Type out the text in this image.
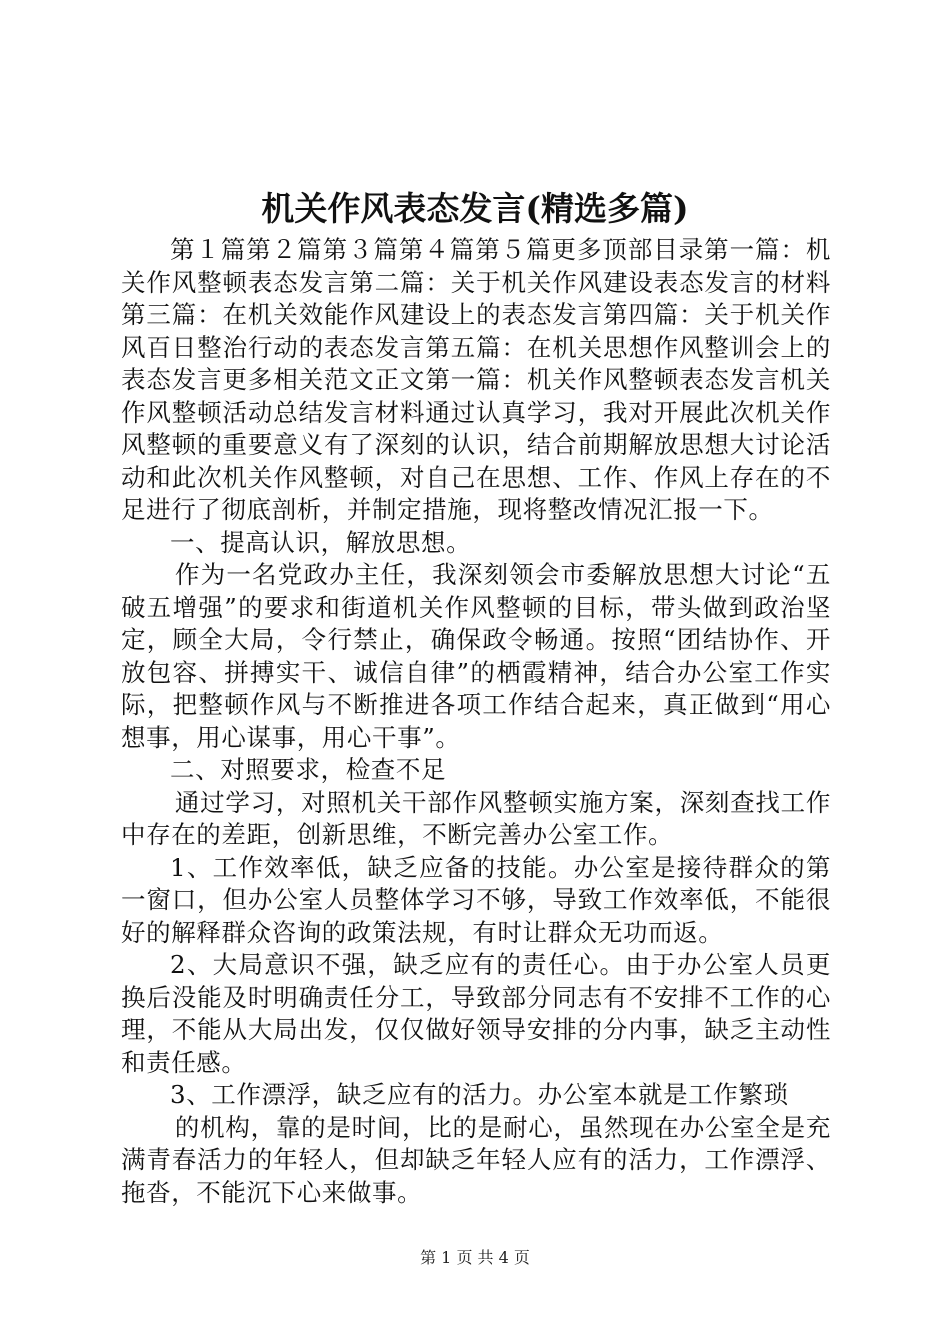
机关作风表态发言(精选多篇)

第１篇第２篇第３篇第４篇第５篇更多顶部目录第一篇：机关作风整顿表态发言第二篇：关于机关作风建设表态发言的材料第三篇：在机关效能作风建设上的表态发言第四篇：关于机关作风百日整治行动的表态发言第五篇：在机关思想作风整训会上的表态发言更多相关范文正文第一篇：机关作风整顿表态发言机关作风整顿活动总结发言材料通过认真学习，我对开展此次机关作风整顿的重要意义有了深刻的认识，结合前期解放思想大讨论活动和此次机关作风整顿，对自己在思想、工作、作风上存在的不足进行了彻底剖析，并制定措施，现将整改情况汇报一下。

一、提高认识，解放思想。

作为一名党政办主任，我深刻领会市委解放思想大讨论“五破五增强”的要求和街道机关作风整顿的目标，带头做到政治坚定，顾全大局，令行禁止，确保政令畅通。按照“团结协作、开放包容、拼搏实干、诚信自律”的栖霞精神，结合办公室工作实际，把整顿作风与不断推进各项工作结合起来，真正做到“用心想事，用心谋事，用心干事”。

二、对照要求，检查不足

通过学习，对照机关干部作风整顿实施方案，深刻查找工作中存在的差距，创新思维，不断完善办公室工作。

1、工作效率低，缺乏应备的技能。办公室是接待群众的第一窗口，但办公室人员整体学习不够，导致工作效率低，不能很好的解释群众咨询的政策法规，有时让群众无功而返。

2、大局意识不强，缺乏应有的责任心。由于办公室人员更换后没能及时明确责任分工，导致部分同志有不安排不工作的心理，不能从大局出发，仅仅做好领导安排的分内事，缺乏主动性和责任感。

3、工作漂浮，缺乏应有的活力。办公室本就是工作繁琐

的机构，靠的是时间，比的是耐心，虽然现在办公室全是充满青春活力的年轻人，但却缺乏年轻人应有的活力，工作漂浮、拖沓，不能沉下心来做事。

第 1 页 共 4 页
